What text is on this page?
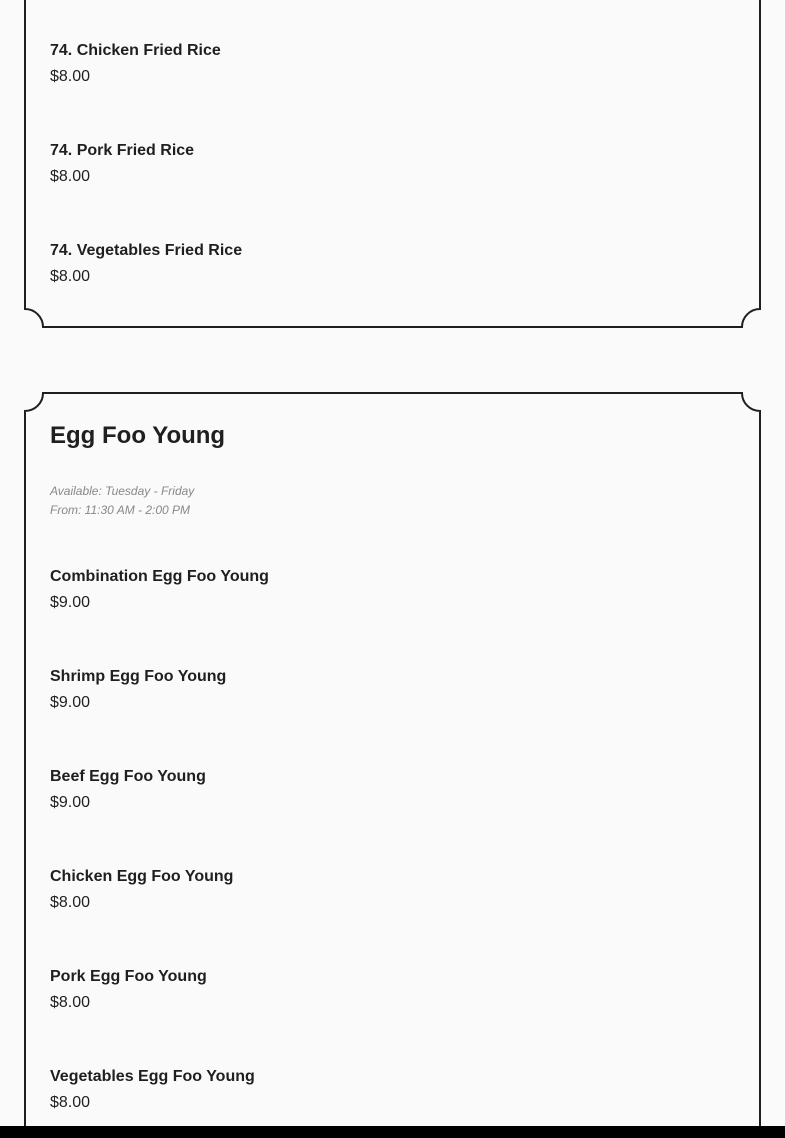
74. Chicken Fried Rice
$8.00
74. Pork Fried Rice
$8.00
74. Vegetables Fried Rice
$8.00
Egg Foo Young
Available: Tuesday - Friday
From: 11:30 AM - 2:00 PM
Combination Egg Foo Young
$9.00
Shrimp Egg Foo Young
$9.00
Beef Egg Foo Young
$9.00
Chicken Egg Foo Young
$8.00
Pork Egg Foo Young
$8.00
Vegetables Egg Foo Young
$8.00
